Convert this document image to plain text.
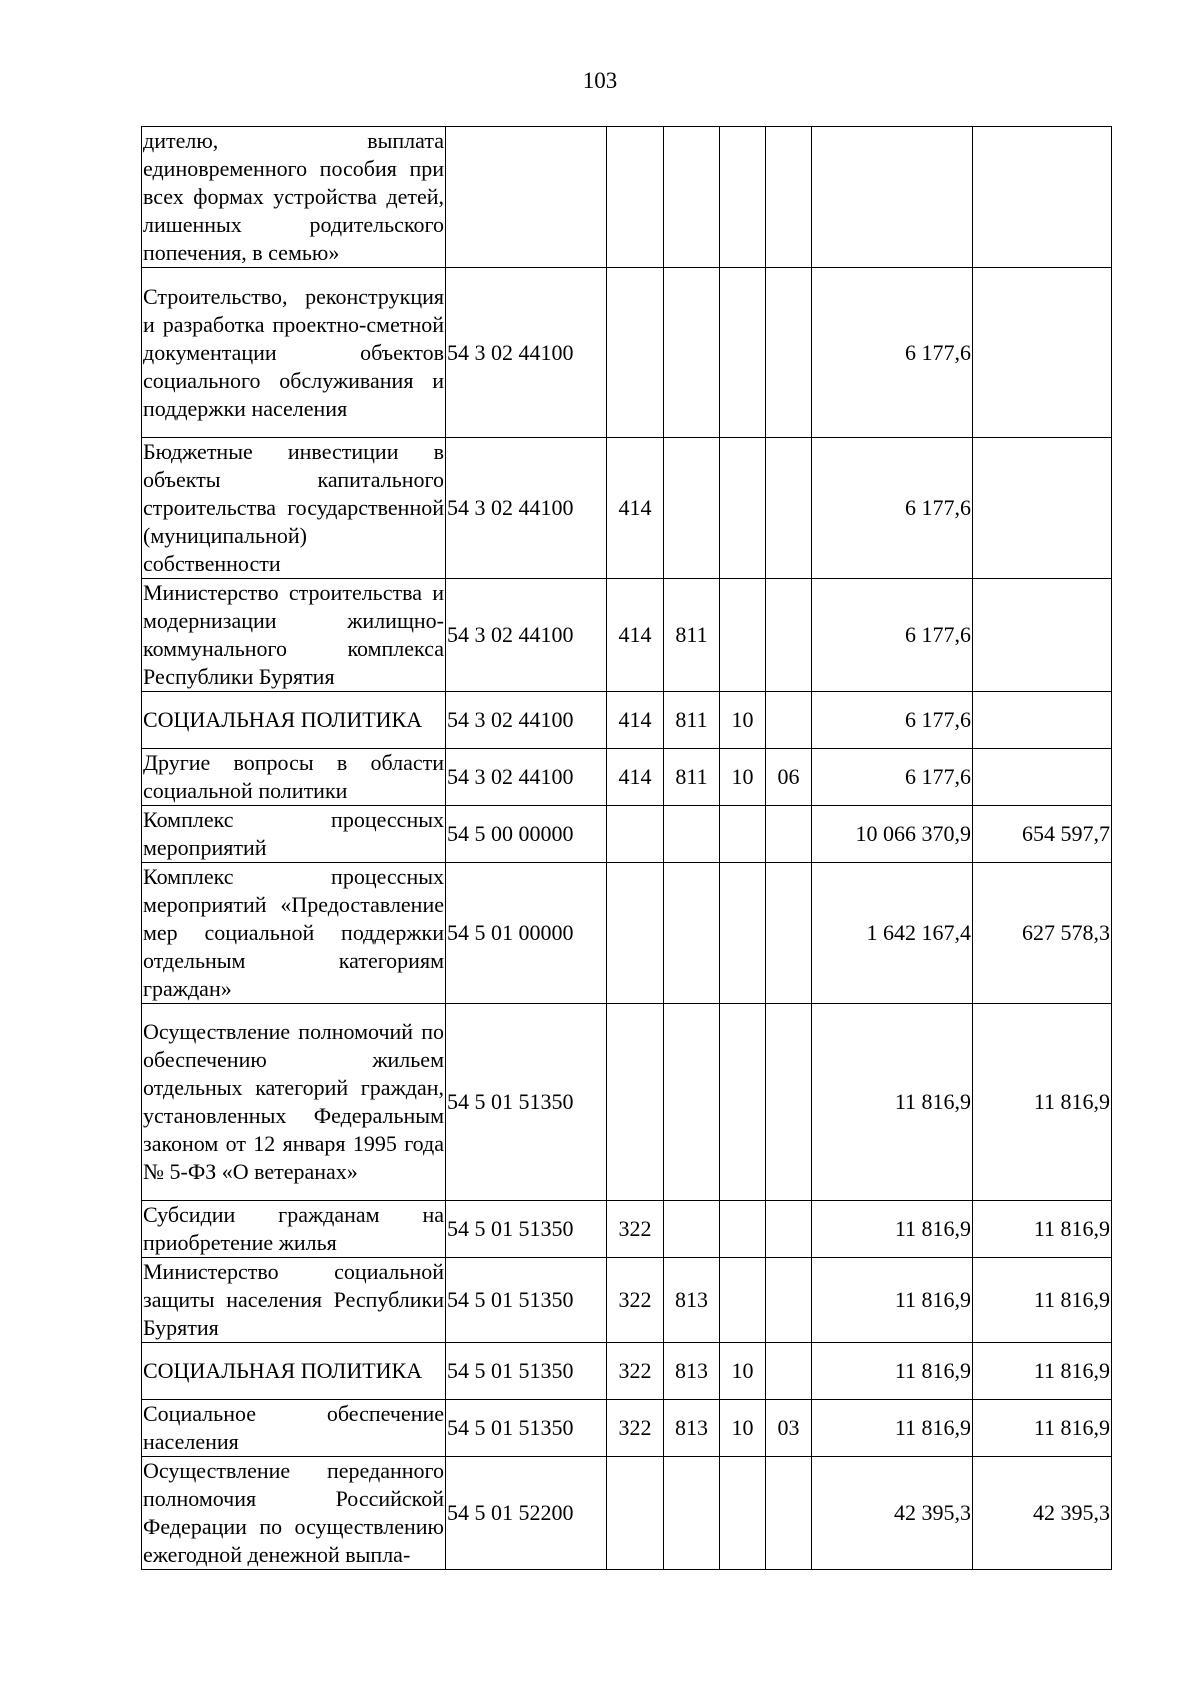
103
дителю, выплата единовременного пособия при всех формах устройства детей, лишенных родительского попечения, в семью»							
Строительство, реконструкция и разработка проектно-сметной документации объектов социального обслуживания и поддержки населения	54 3 02 44100					6 177,6	
Бюджетные инвестиции в объекты капитального строительства государственной (муниципальной) собственности	54 3 02 44100	414				6 177,6	
Министерство строительства и модернизации жилищно-коммунального комплекса Республики Бурятия	54 3 02 44100	414	811			6 177,6	
СОЦИАЛЬНАЯ ПОЛИТИКА	54 3 02 44100	414	811	10		6 177,6	
Другие вопросы в области социальной политики	54 3 02 44100	414	811	10	06	6 177,6	
Комплекс процессных мероприятий	54 5 00 00000					10 066 370,9	654 597,7
Комплекс процессных мероприятий «Предоставление мер социальной поддержки отдельным категориям граждан»	54 5 01 00000					1 642 167,4	627 578,3
Осуществление полномочий по обеспечению жильем отдельных категорий граждан, установленных Федеральным законом от 12 января 1995 года № 5-ФЗ «О ветеранах»	54 5 01 51350					11 816,9	11 816,9
Субсидии гражданам на приобретение жилья	54 5 01 51350	322				11 816,9	11 816,9
Министерство социальной защиты населения Республики Бурятия	54 5 01 51350	322	813			11 816,9	11 816,9
СОЦИАЛЬНАЯ ПОЛИТИКА	54 5 01 51350	322	813	10		11 816,9	11 816,9
Социальное обеспечение населения	54 5 01 51350	322	813	10	03	11 816,9	11 816,9
Осуществление переданного полномочия Российской Федерации по осуществлению ежегодной денежной выпла-	54 5 01 52200					42 395,3	42 395,3
